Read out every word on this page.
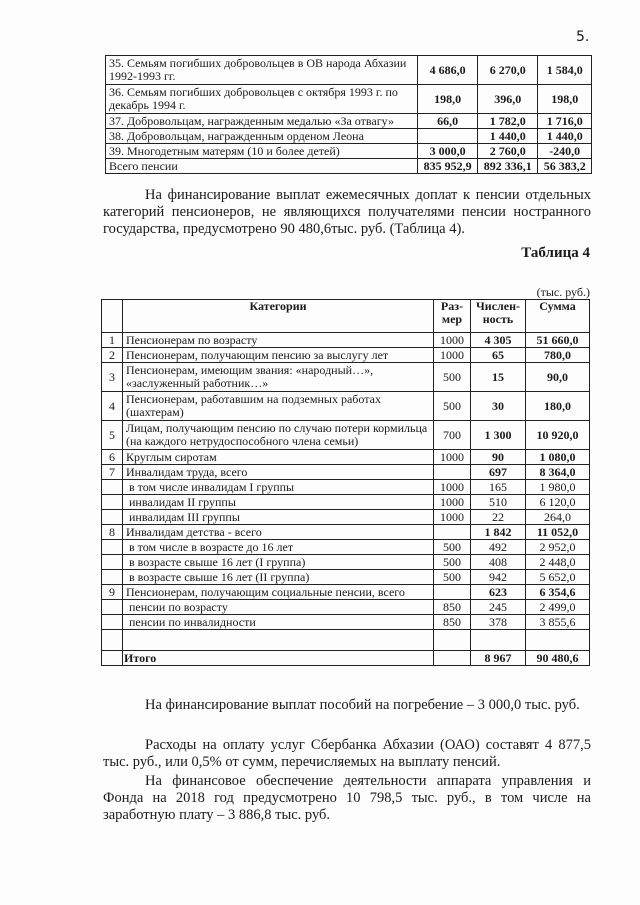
5.
35. Семьям погибших добровольцев в ОВ народа Абхазии 1992-1993 гг.	4 686,0	6 270,0	1 584,0
36. Семьям погибших добровольцев с октября 1993 г. по декабрь 1994 г.	198,0	396,0	198,0
37. Добровольцам, награжденным медалью «За отвагу»	66,0	1 782,0	1 716,0
38. Добровольцам, награжденным орденом Леона		1 440,0	1 440,0
39. Многодетным матерям (10 и более детей)	3 000,0	2 760,0	-240,0
Всего пенсии	835 952,9	892 336,1	56 383,2

На финансирование выплат ежемесячных доплат к пенсии отдельных категорий пенсионеров, не являющихся получателями пенсии ностранного государства, предусмотрено 90 480,6тыс. руб. (Таблица 4).

Таблица 4
(тыс. руб.)
	Категории	Раз-мер	Числен-ность	Сумма
1	Пенсионерам по возрасту	1000	4 305	51 660,0
2	Пенсионерам, получающим пенсию за выслугу лет	1000	65	780,0
3	Пенсионерам, имеющим звания: «народный…», «заслуженный работник…»	500	15	90,0
4	Пенсионерам, работавшим на подземных работах (шахтерам)	500	30	180,0
5	Лицам, получающим пенсию по случаю потери кормильца (на каждого нетрудоспособного члена семьи)	700	1 300	10 920,0
6	Круглым сиротам	1000	90	1 080,0
7	Инвалидам труда, всего		697	8 364,0
	в том числе инвалидам I группы	1000	165	1 980,0
	инвалидам II группы	1000	510	6 120,0
	инвалидам III группы	1000	22	264,0
8	Инвалидам детства - всего		1 842	11 052,0
	в том числе в возрасте до 16 лет	500	492	2 952,0
	в возрасте свыше 16 лет (I группа)	500	408	2 448,0
	в возрасте свыше 16 лет (II группа)	500	942	5 652,0
9	Пенсионерам, получающим социальные пенсии, всего		623	6 354,6
	пенсии по возрасту	850	245	2 499,0
	пенсии по инвалидности	850	378	3 855,6

	Итого		8 967	90 480,6

На финансирование выплат пособий на погребение – 3 000,0 тыс. руб.

Расходы на оплату услуг Сбербанка Абхазии (ОАО) составят 4 877,5 тыс. руб., или 0,5% от сумм, перечисляемых на выплату пенсий.

На финансовое обеспечение деятельности аппарата управления и Фонда на 2018 год предусмотрено 10 798,5 тыс. руб., в том числе на заработную плату – 3 886,8 тыс. руб.
